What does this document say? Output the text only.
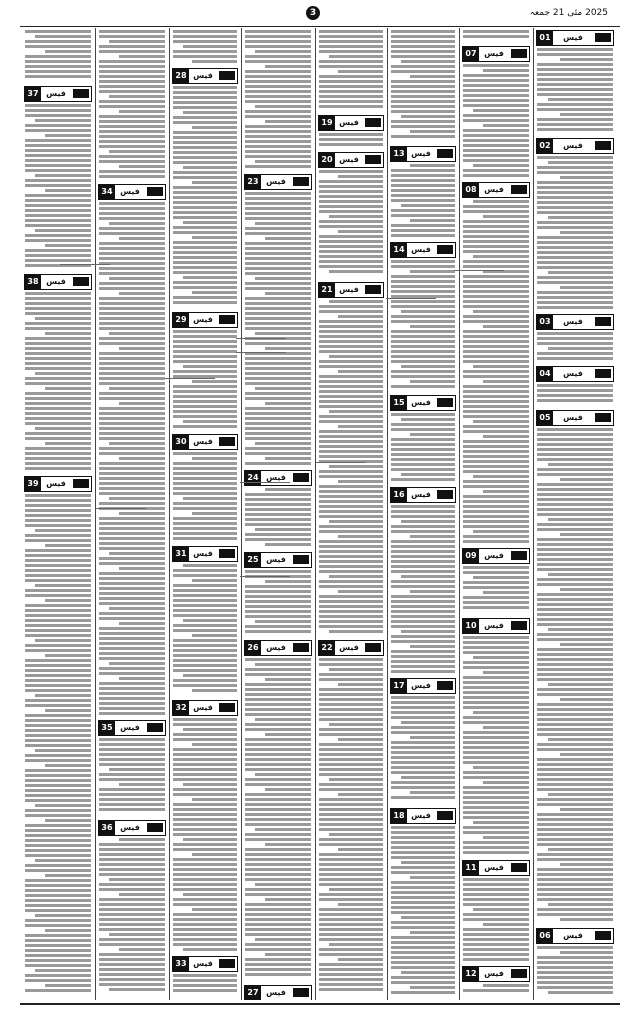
2025 مئی 21 جمعہ
3
01	فیس
02	فیس
03	فیس
04	فیس
05	فیس
06	فیس
07 فیس
08 فیس
09 فیس
10 فیس
11 فیس
12 فیس
13 فیس
14 فیس
15 فیس
16 فیس
17 فیس
18 فیس
19 فیس
20 فیس
21 فیس
22 فیس
23 فیس
24 فیس
25 فیس
26 فیس
27 فیس
28 فیس
29 فیس
30 فیس
31 فیس
32 فیس
33 فیس
34 فیس
35 فیس
36 فیس
37 فیس
38 فیس
39 فیس
